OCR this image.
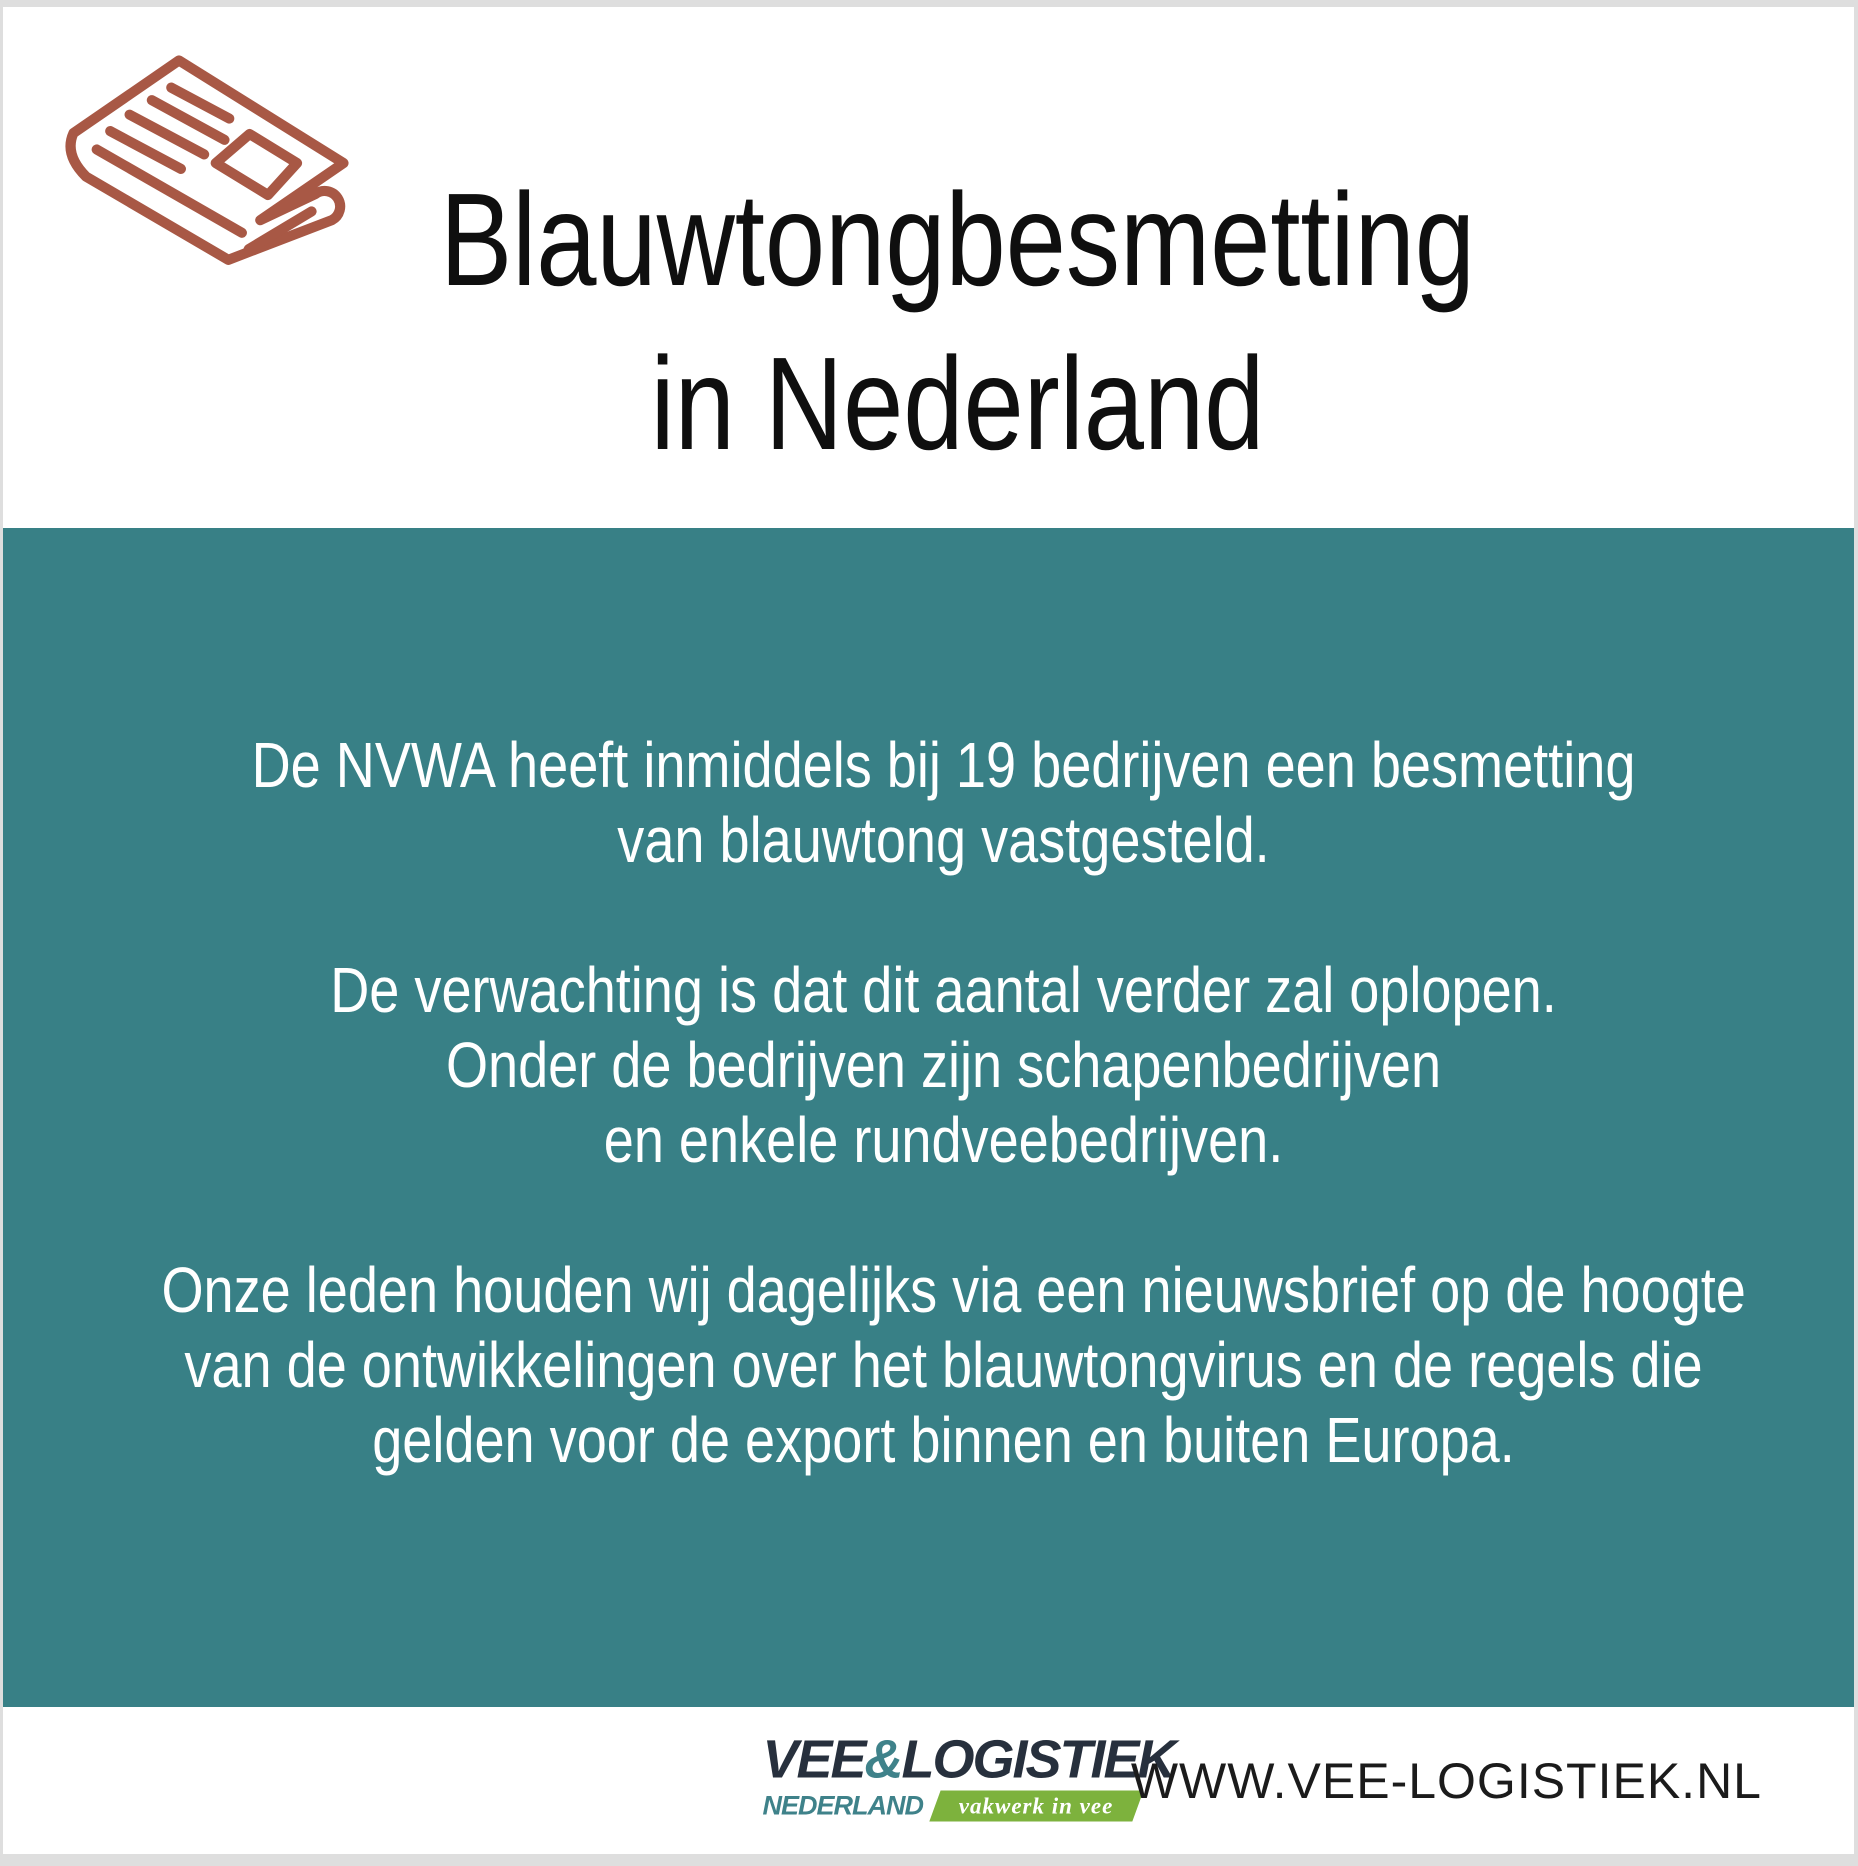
Blauwtongbesmetting
in Nederland

De NVWA heeft inmiddels bij 19 bedrijven een besmetting
van blauwtong vastgesteld.

De verwachting is dat dit aantal verder zal oplopen.
Onder de bedrijven zijn schapenbedrijven
en enkele rundveebedrijven.

Onze leden houden wij dagelijks via een nieuwsbrief op de hoogte
van de ontwikkelingen over het blauwtongvirus en de regels die
gelden voor de export binnen en buiten Europa.

VEE&LOGISTIEK
NEDERLAND vakwerk in vee WWW.VEE-LOGISTIEK.NL
